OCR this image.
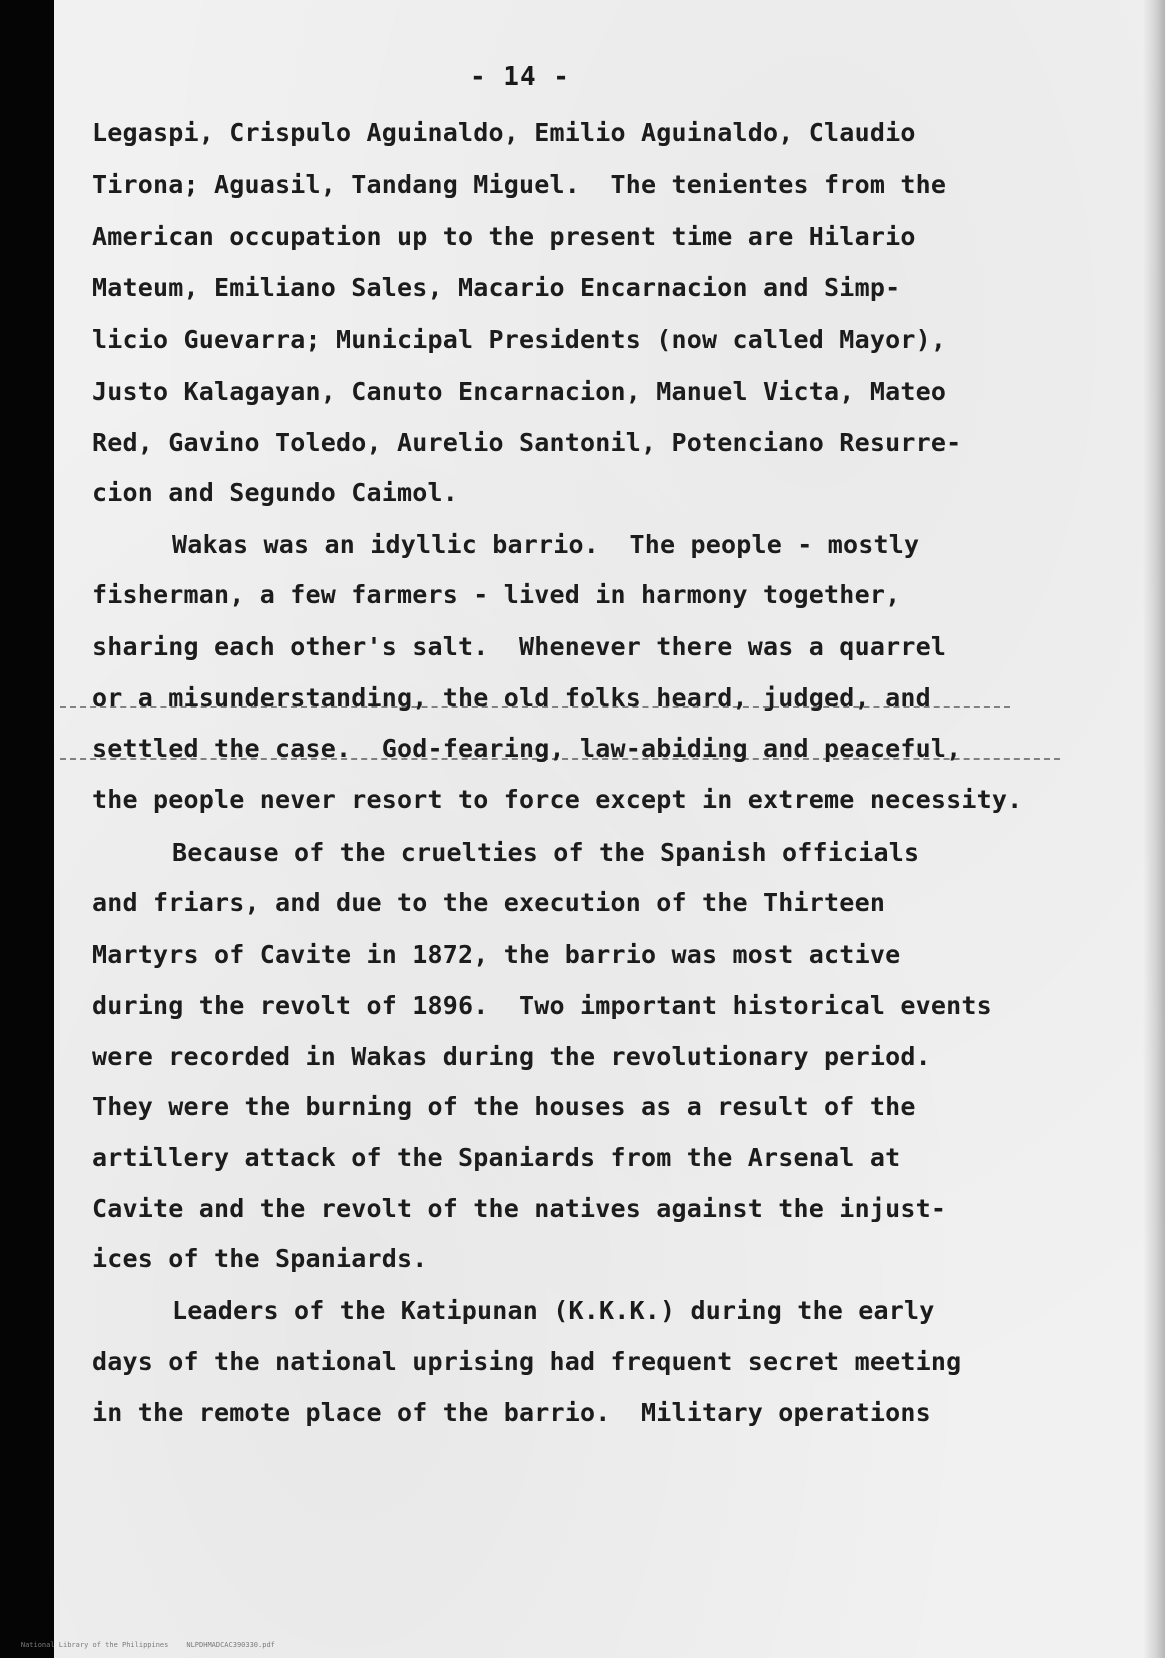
- 14 -
Legaspi, Crispulo Aguinaldo, Emilio Aguinaldo, Claudio
Tirona; Aguasil, Tandang Miguel.  The tenientes from the
American occupation up to the present time are Hilario
Mateum, Emiliano Sales, Macario Encarnacion and Simp-
licio Guevarra; Municipal Presidents (now called Mayor),
Justo Kalagayan, Canuto Encarnacion, Manuel Victa, Mateo
Red, Gavino Toledo, Aurelio Santonil, Potenciano Resurre-
cion and Segundo Caimol.
Wakas was an idyllic barrio.  The people - mostly
fisherman, a few farmers - lived in harmony together,
sharing each other's salt.  Whenever there was a quarrel
or a misunderstanding, the old folks heard, judged, and
settled the case.  God-fearing, law-abiding and peaceful,
the people never resort to force except in extreme necessity.
Because of the cruelties of the Spanish officials
and friars, and due to the execution of the Thirteen
Martyrs of Cavite in 1872, the barrio was most active
during the revolt of 1896.  Two important historical events
were recorded in Wakas during the revolutionary period.
They were the burning of the houses as a result of the
artillery attack of the Spaniards from the Arsenal at
Cavite and the revolt of the natives against the injust-
ices of the Spaniards.
Leaders of the Katipunan (K.K.K.) during the early
days of the national uprising had frequent secret meeting
in the remote place of the barrio.  Military operations

National Library of the Philippines	NLPDHMADCAC390330.pdf
